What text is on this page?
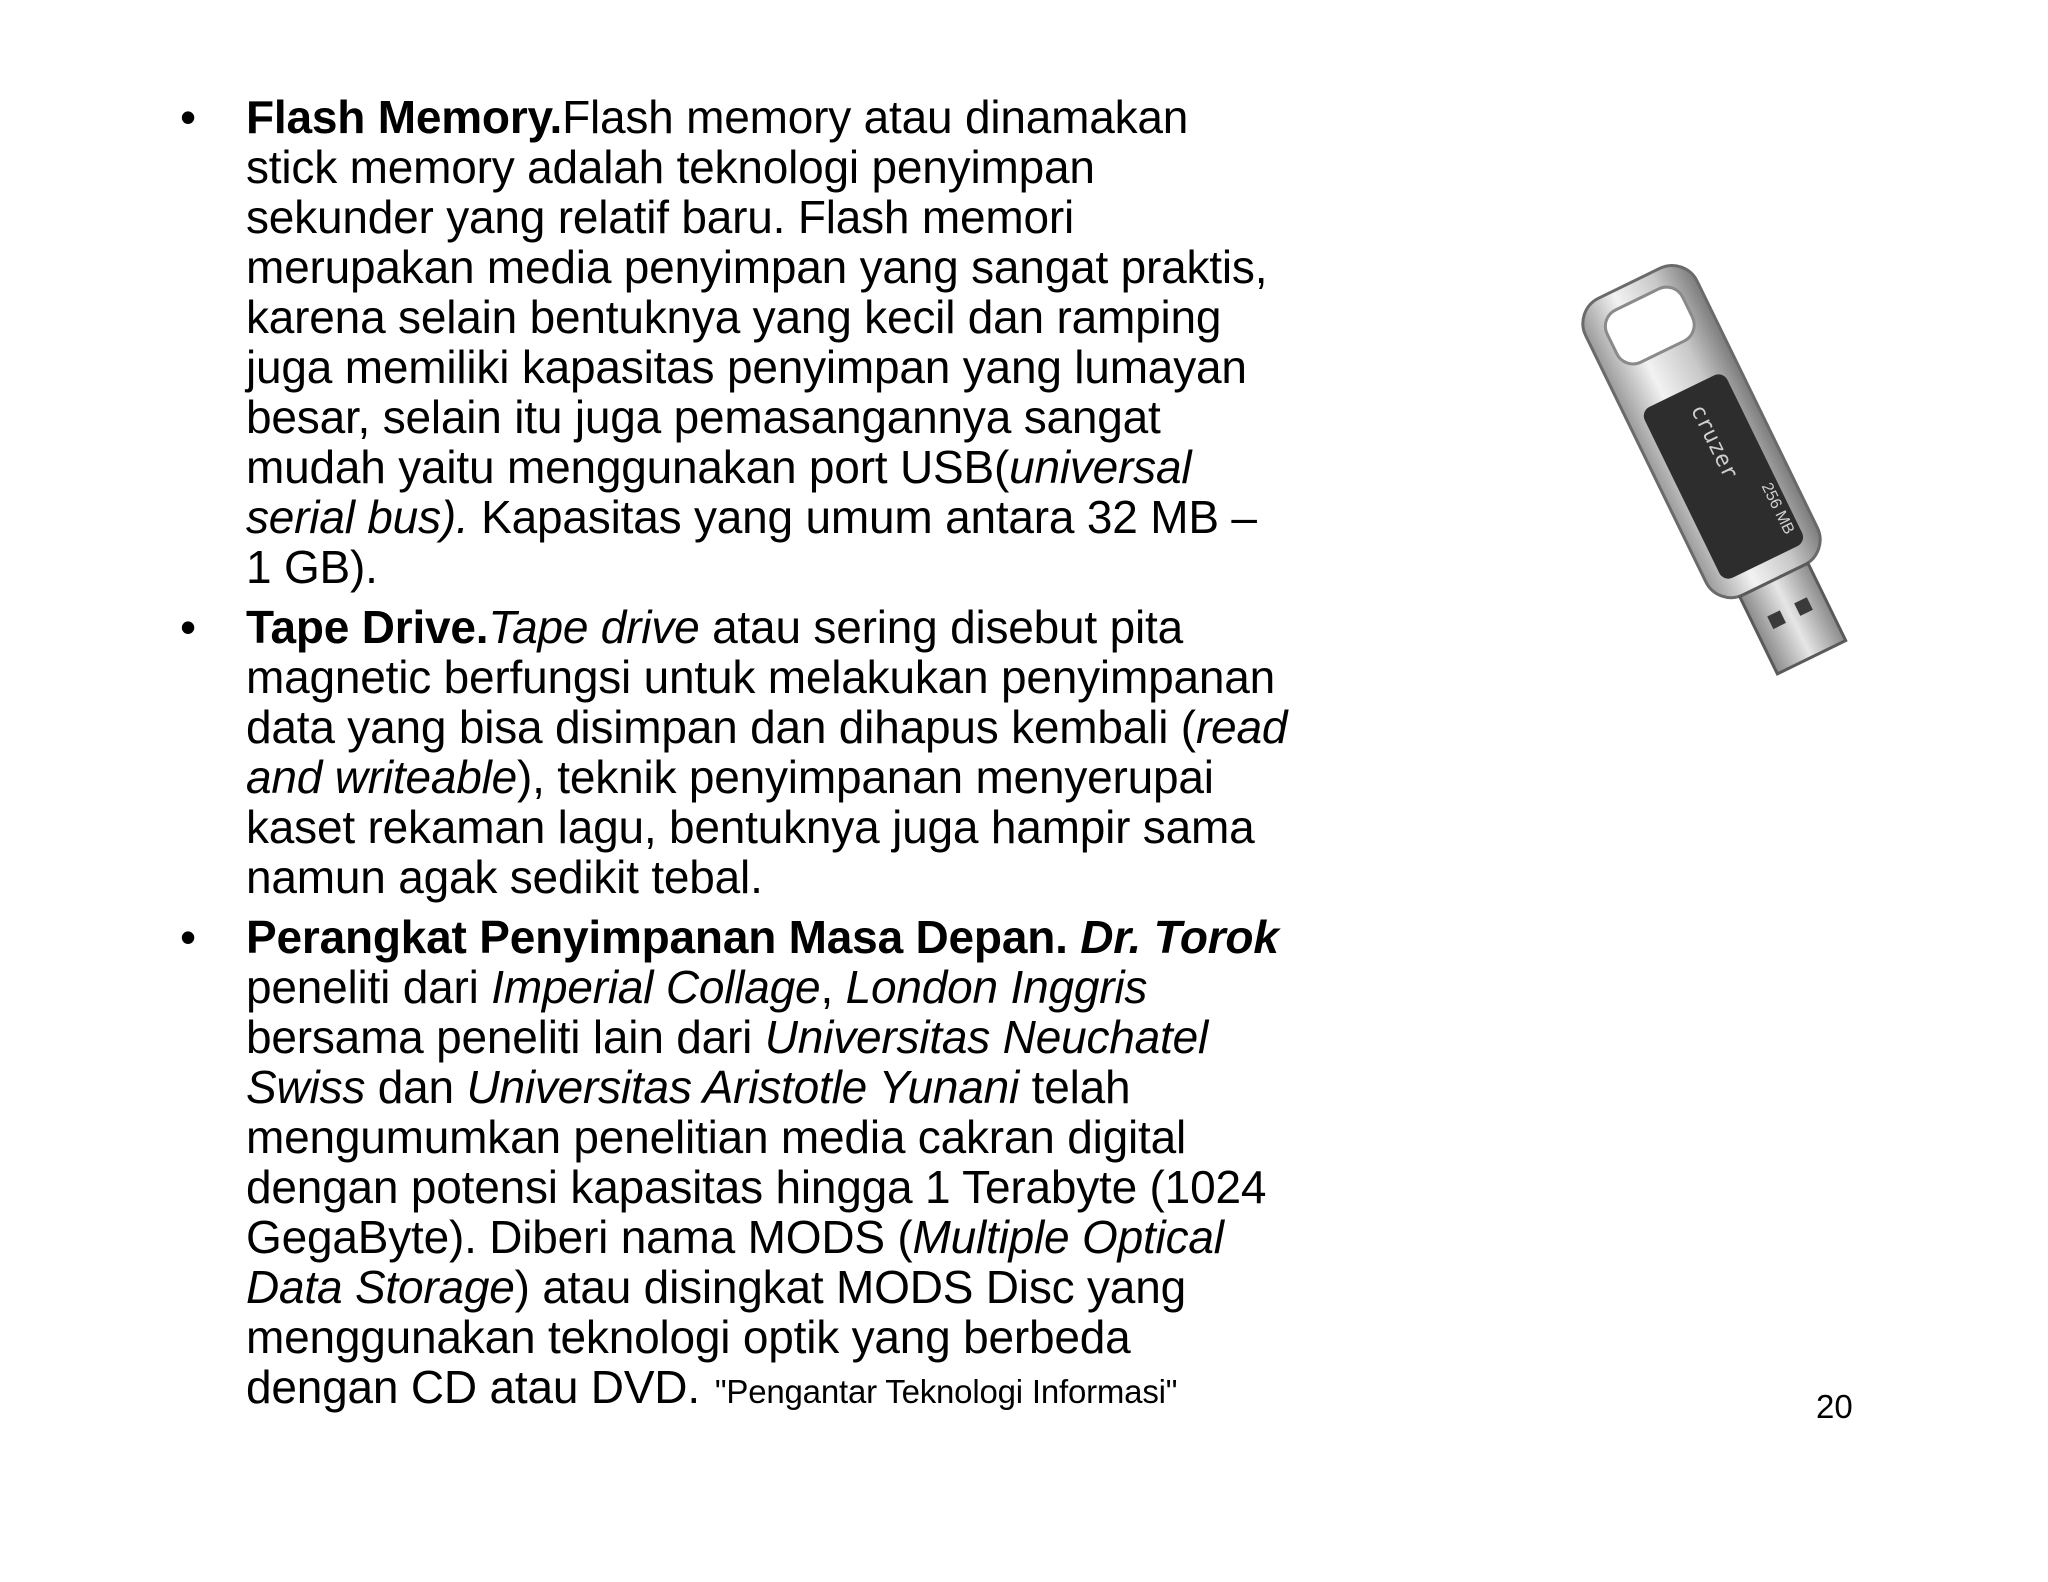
• Flash Memory.Flash memory atau dinamakan
stick memory adalah teknologi penyimpan
sekunder yang relatif baru. Flash memori
merupakan media penyimpan yang sangat praktis,
karena selain bentuknya yang kecil dan ramping
juga memiliki kapasitas penyimpan yang lumayan
besar, selain itu juga pemasangannya sangat
mudah yaitu menggunakan port USB(universal
serial bus). Kapasitas yang umum antara 32 MB –
1 GB).
• Tape Drive.Tape drive atau sering disebut pita
magnetic berfungsi untuk melakukan penyimpanan
data yang bisa disimpan dan dihapus kembali (read
and writeable), teknik penyimpanan menyerupai
kaset rekaman lagu, bentuknya juga hampir sama
namun agak sedikit tebal.
• Perangkat Penyimpanan Masa Depan. Dr. Torok
peneliti dari Imperial Collage, London Inggris
bersama peneliti lain dari Universitas Neuchatel
Swiss dan Universitas Aristotle Yunani telah
mengumumkan penelitian media cakran digital
dengan potensi kapasitas hingga 1 Terabyte (1024
GegaByte). Diberi nama MODS (Multiple Optical
Data Storage) atau disingkat MODS Disc yang
menggunakan teknologi optik yang berbeda
dengan CD atau DVD. "Pengantar Teknologi Informasi"
cruzer
256 MB
20
